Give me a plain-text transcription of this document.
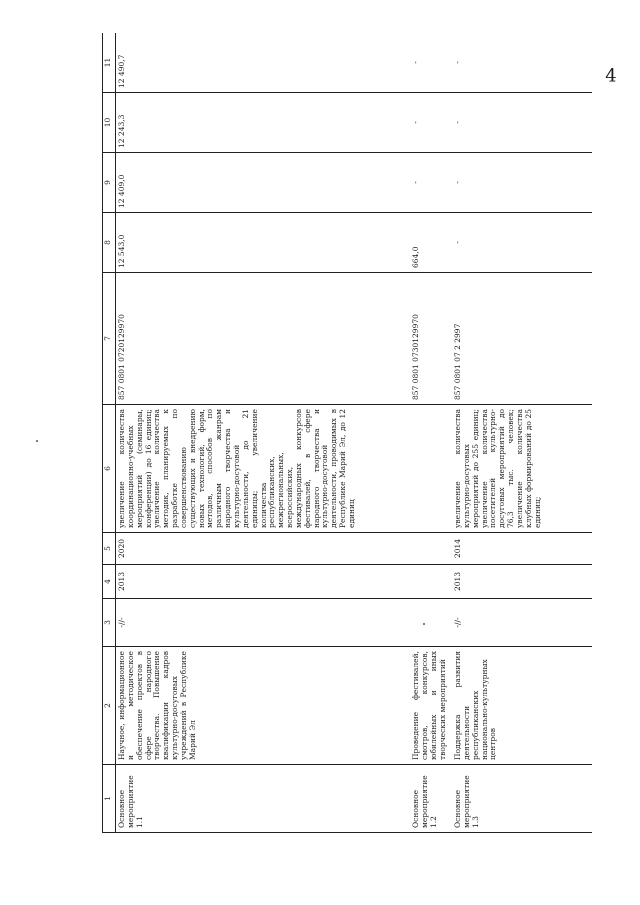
4
1	2	3	4	5	6	7	8	9	10	11
Основное мероприятие 1.1	Научное, информационное и методическое обеспечение проектов в сфере народного творчества. Повышение квалификации кадров культурно-досуговых учреждений в Республике Марий Эл	-//-	2013	2020	увеличение количества координационно-учебных мероприятий (семинары, конференции) до 16 единиц; увеличение количества методик, планируемых к разработке по совершенствованию существующих и внедрению новых технологий, форм, методов, способов по различным жанрам народного творчества и культурно-досуговой деятельности, до 21 единицы; увеличение количества республиканских, межрегиональных, всероссийских, международных конкурсов фестивалей, в сфере народного творчества и культурно-досуговой деятельности, проводимых в Республике Марий Эл, до 12 единиц	857 0801 0720129970	12 543,0	12 409,0	12 243,3	12 490,7
Основное мероприятие 1.2	Проведение фестивалей, смотров, конкурсов, юбилейных и иных творческих мероприятий					857 0801 0730129970	664,0	-	-	-
Основное мероприятие 1.3	Поддержка развития деятельности республиканских национально-культурных центров	-//-	2013	2014	увеличение количества культурно-досуговых мероприятий до 255 единиц; увеличение количества посетителей культурно-досуговых мероприятий до 76,3 тыс. человек; увеличение количества клубных формирований до 25 единиц;	857 0801 07 2 2997	-	-	-	-
